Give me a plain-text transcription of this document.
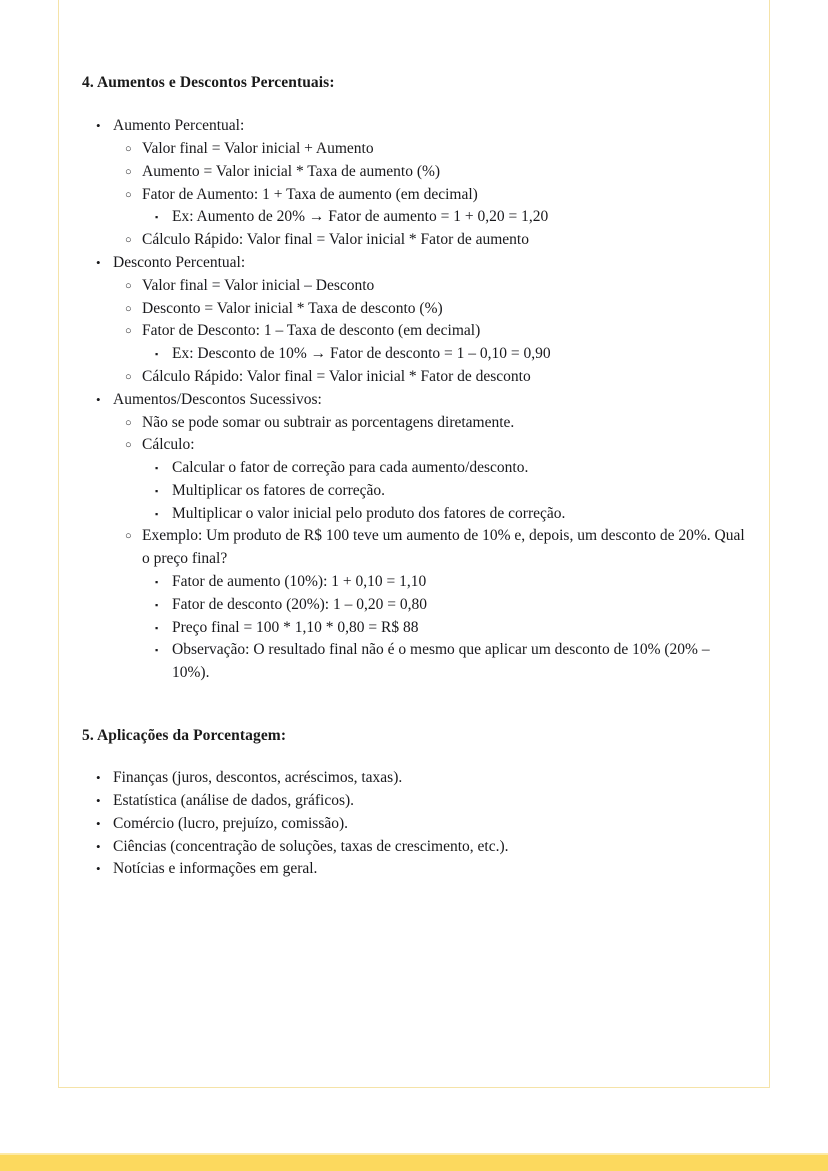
4. Aumentos e Descontos Percentuais:
• Aumento Percentual:
○ Valor final = Valor inicial + Aumento
○ Aumento = Valor inicial * Taxa de aumento (%)
○ Fator de Aumento: 1 + Taxa de aumento (em decimal)
▪ Ex: Aumento de 20% → Fator de aumento = 1 + 0,20 = 1,20
○ Cálculo Rápido: Valor final = Valor inicial * Fator de aumento
• Desconto Percentual:
○ Valor final = Valor inicial – Desconto
○ Desconto = Valor inicial * Taxa de desconto (%)
○ Fator de Desconto: 1 – Taxa de desconto (em decimal)
▪ Ex: Desconto de 10% → Fator de desconto = 1 – 0,10 = 0,90
○ Cálculo Rápido: Valor final = Valor inicial * Fator de desconto
• Aumentos/Descontos Sucessivos:
○ Não se pode somar ou subtrair as porcentagens diretamente.
○ Cálculo:
▪ Calcular o fator de correção para cada aumento/desconto.
▪ Multiplicar os fatores de correção.
▪ Multiplicar o valor inicial pelo produto dos fatores de correção.
○ Exemplo: Um produto de R$ 100 teve um aumento de 10% e, depois, um desconto de 20%. Qual o preço final?
▪ Fator de aumento (10%): 1 + 0,10 = 1,10
▪ Fator de desconto (20%): 1 – 0,20 = 0,80
▪ Preço final = 100 * 1,10 * 0,80 = R$ 88
▪ Observação: O resultado final não é o mesmo que aplicar um desconto de 10% (20% – 10%).
5. Aplicações da Porcentagem:
• Finanças (juros, descontos, acréscimos, taxas).
• Estatística (análise de dados, gráficos).
• Comércio (lucro, prejuízo, comissão).
• Ciências (concentração de soluções, taxas de crescimento, etc.).
• Notícias e informações em geral.
